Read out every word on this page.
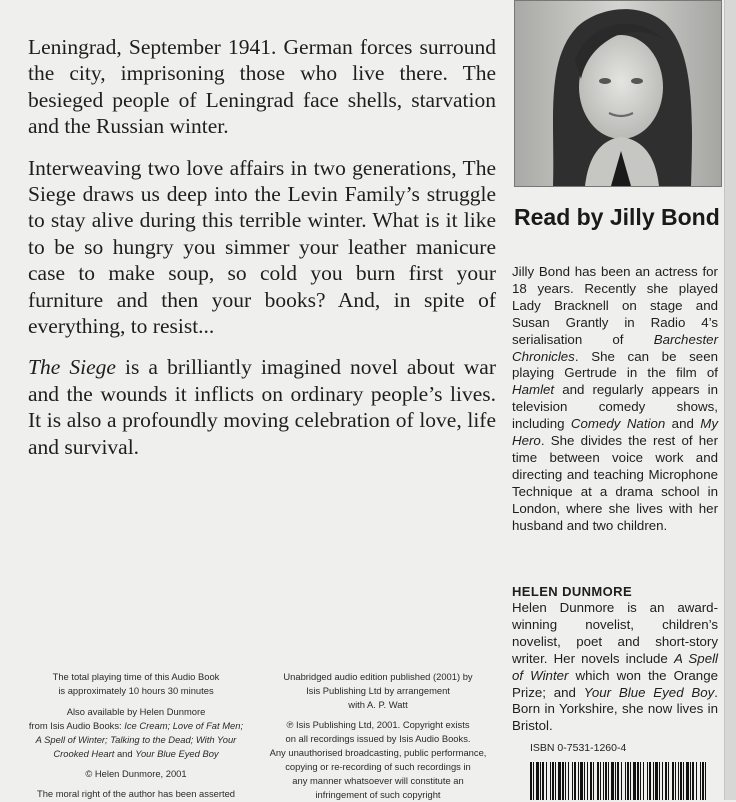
Leningrad, September 1941. German forces surround the city, imprisoning those who live there. The besieged people of Leningrad face shells, starvation and the Russian winter.

Interweaving two love affairs in two generations, The Siege draws us deep into the Levin Family’s struggle to stay alive during this terrible winter. What is it like to be so hungry you simmer your leather manicure case to make soup, so cold you burn first your furniture and then your books? And, in spite of everything, to resist...

The Siege is a brilliantly imagined novel about war and the wounds it inflicts on ordinary people’s lives. It is also a profoundly moving celebration of love, life and survival.

Read by Jilly Bond
Jilly Bond has been an actress for 18 years. Recently she played Lady Bracknell on stage and Susan Grantly in Radio 4’s serialisation of Barchester Chronicles. She can be seen playing Gertrude in the film of Hamlet and regularly appears in television comedy shows, including Comedy Nation and My Hero. She divides the rest of her time between voice work and directing and teaching Microphone Technique at a drama school in London, where she lives with her husband and two children.
HELEN DUNMORE
Helen Dunmore is an award-winning novelist, children’s novelist, poet and short-story writer. Her novels include A Spell of Winter which won the Orange Prize; and Your Blue Eyed Boy. Born in Yorkshire, she now lives in Bristol.
ISBN 0-7531-1260-4
The total playing time of this Audio Book
is approximately 10 hours 30 minutes
Also available by Helen Dunmore
from Isis Audio Books: Ice Cream; Love of Fat Men;
A Spell of Winter; Talking to the Dead; With Your
Crooked Heart and Your Blue Eyed Boy
© Helen Dunmore, 2001
The moral right of the author has been asserted
Unabridged audio edition published (2001) by
Isis Publishing Ltd by arrangement
with A. P. Watt
℗ Isis Publishing Ltd, 2001. Copyright exists
on all recordings issued by Isis Audio Books.
Any unauthorised broadcasting, public performance,
copying or re-recording of such recordings in
any manner whatsoever will constitute an
infringement of such copyright
